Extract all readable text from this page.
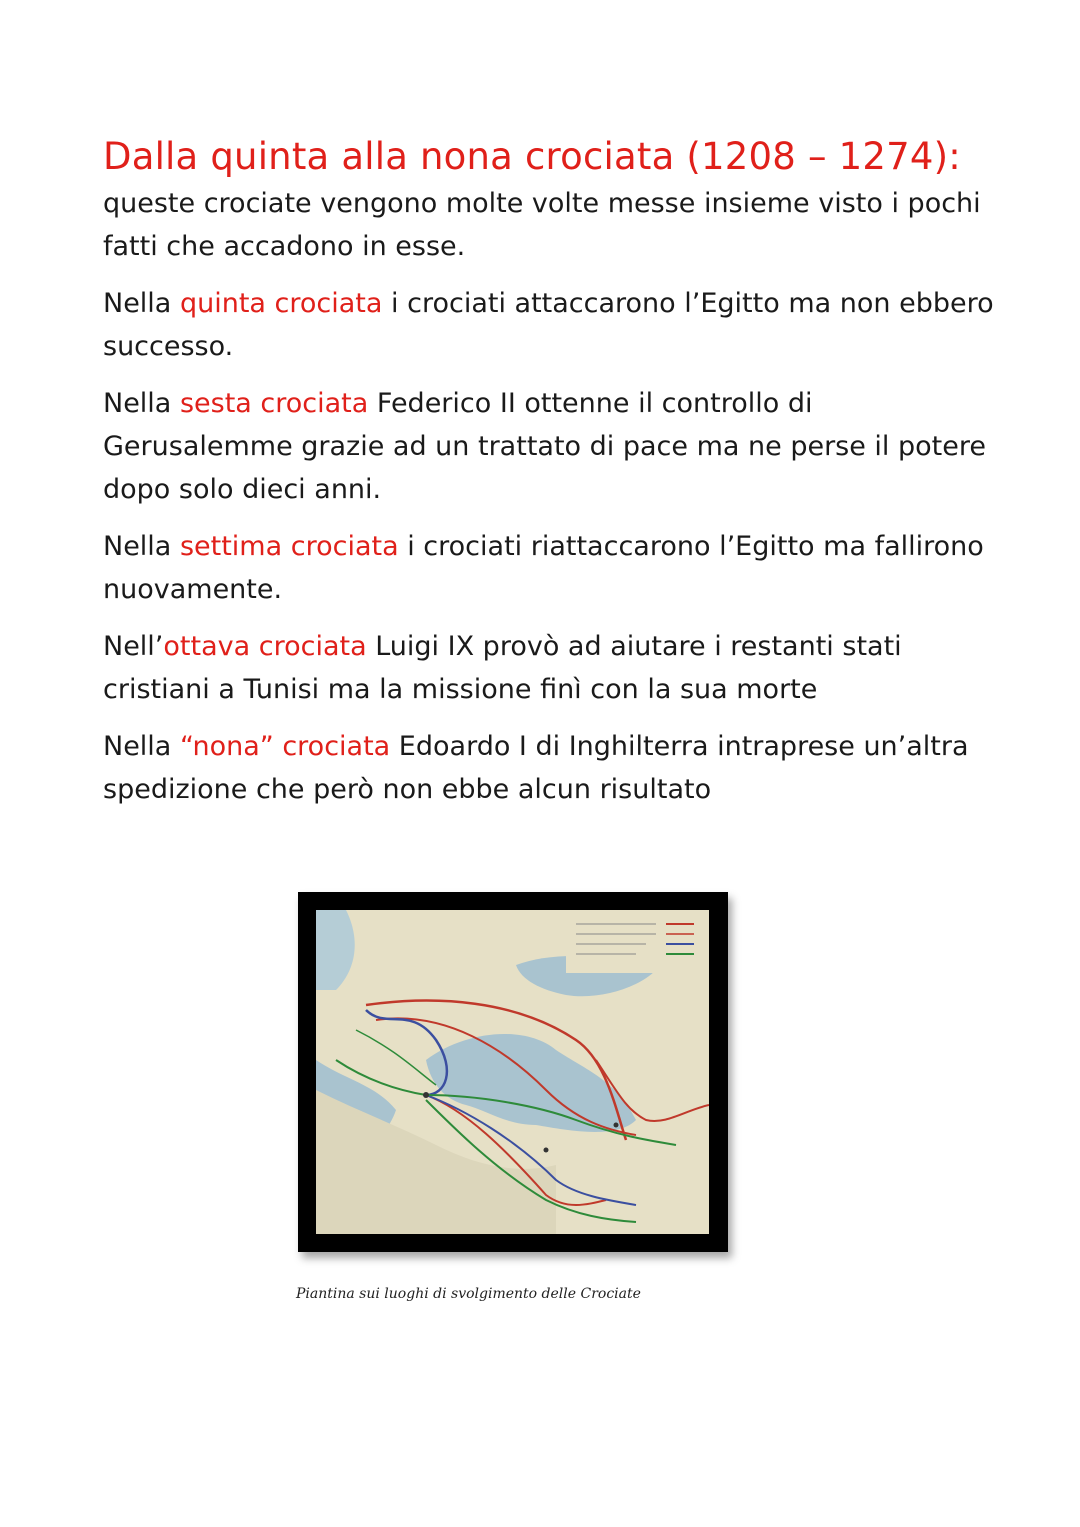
Dalla quinta alla nona crociata (1208 – 1274):

queste crociate vengono molte volte messe insieme visto i pochi fatti che accadono in esse.

Nella quinta crociata i crociati attaccarono l’Egitto ma non ebbero successo.

Nella sesta crociata Federico II ottenne il controllo di Gerusalemme grazie ad un trattato di pace ma ne perse il potere dopo solo dieci anni.

Nella settima crociata i crociati riattaccarono l’Egitto ma fallirono nuovamente.

Nell’ottava crociata Luigi IX provò ad aiutare i restanti stati cristiani a Tunisi ma la missione finì con la sua morte

Nella “nona” crociata Edoardo I di Inghilterra intraprese un’altra spedizione che però non ebbe alcun risultato

Piantina sui luoghi di svolgimento delle Crociate
